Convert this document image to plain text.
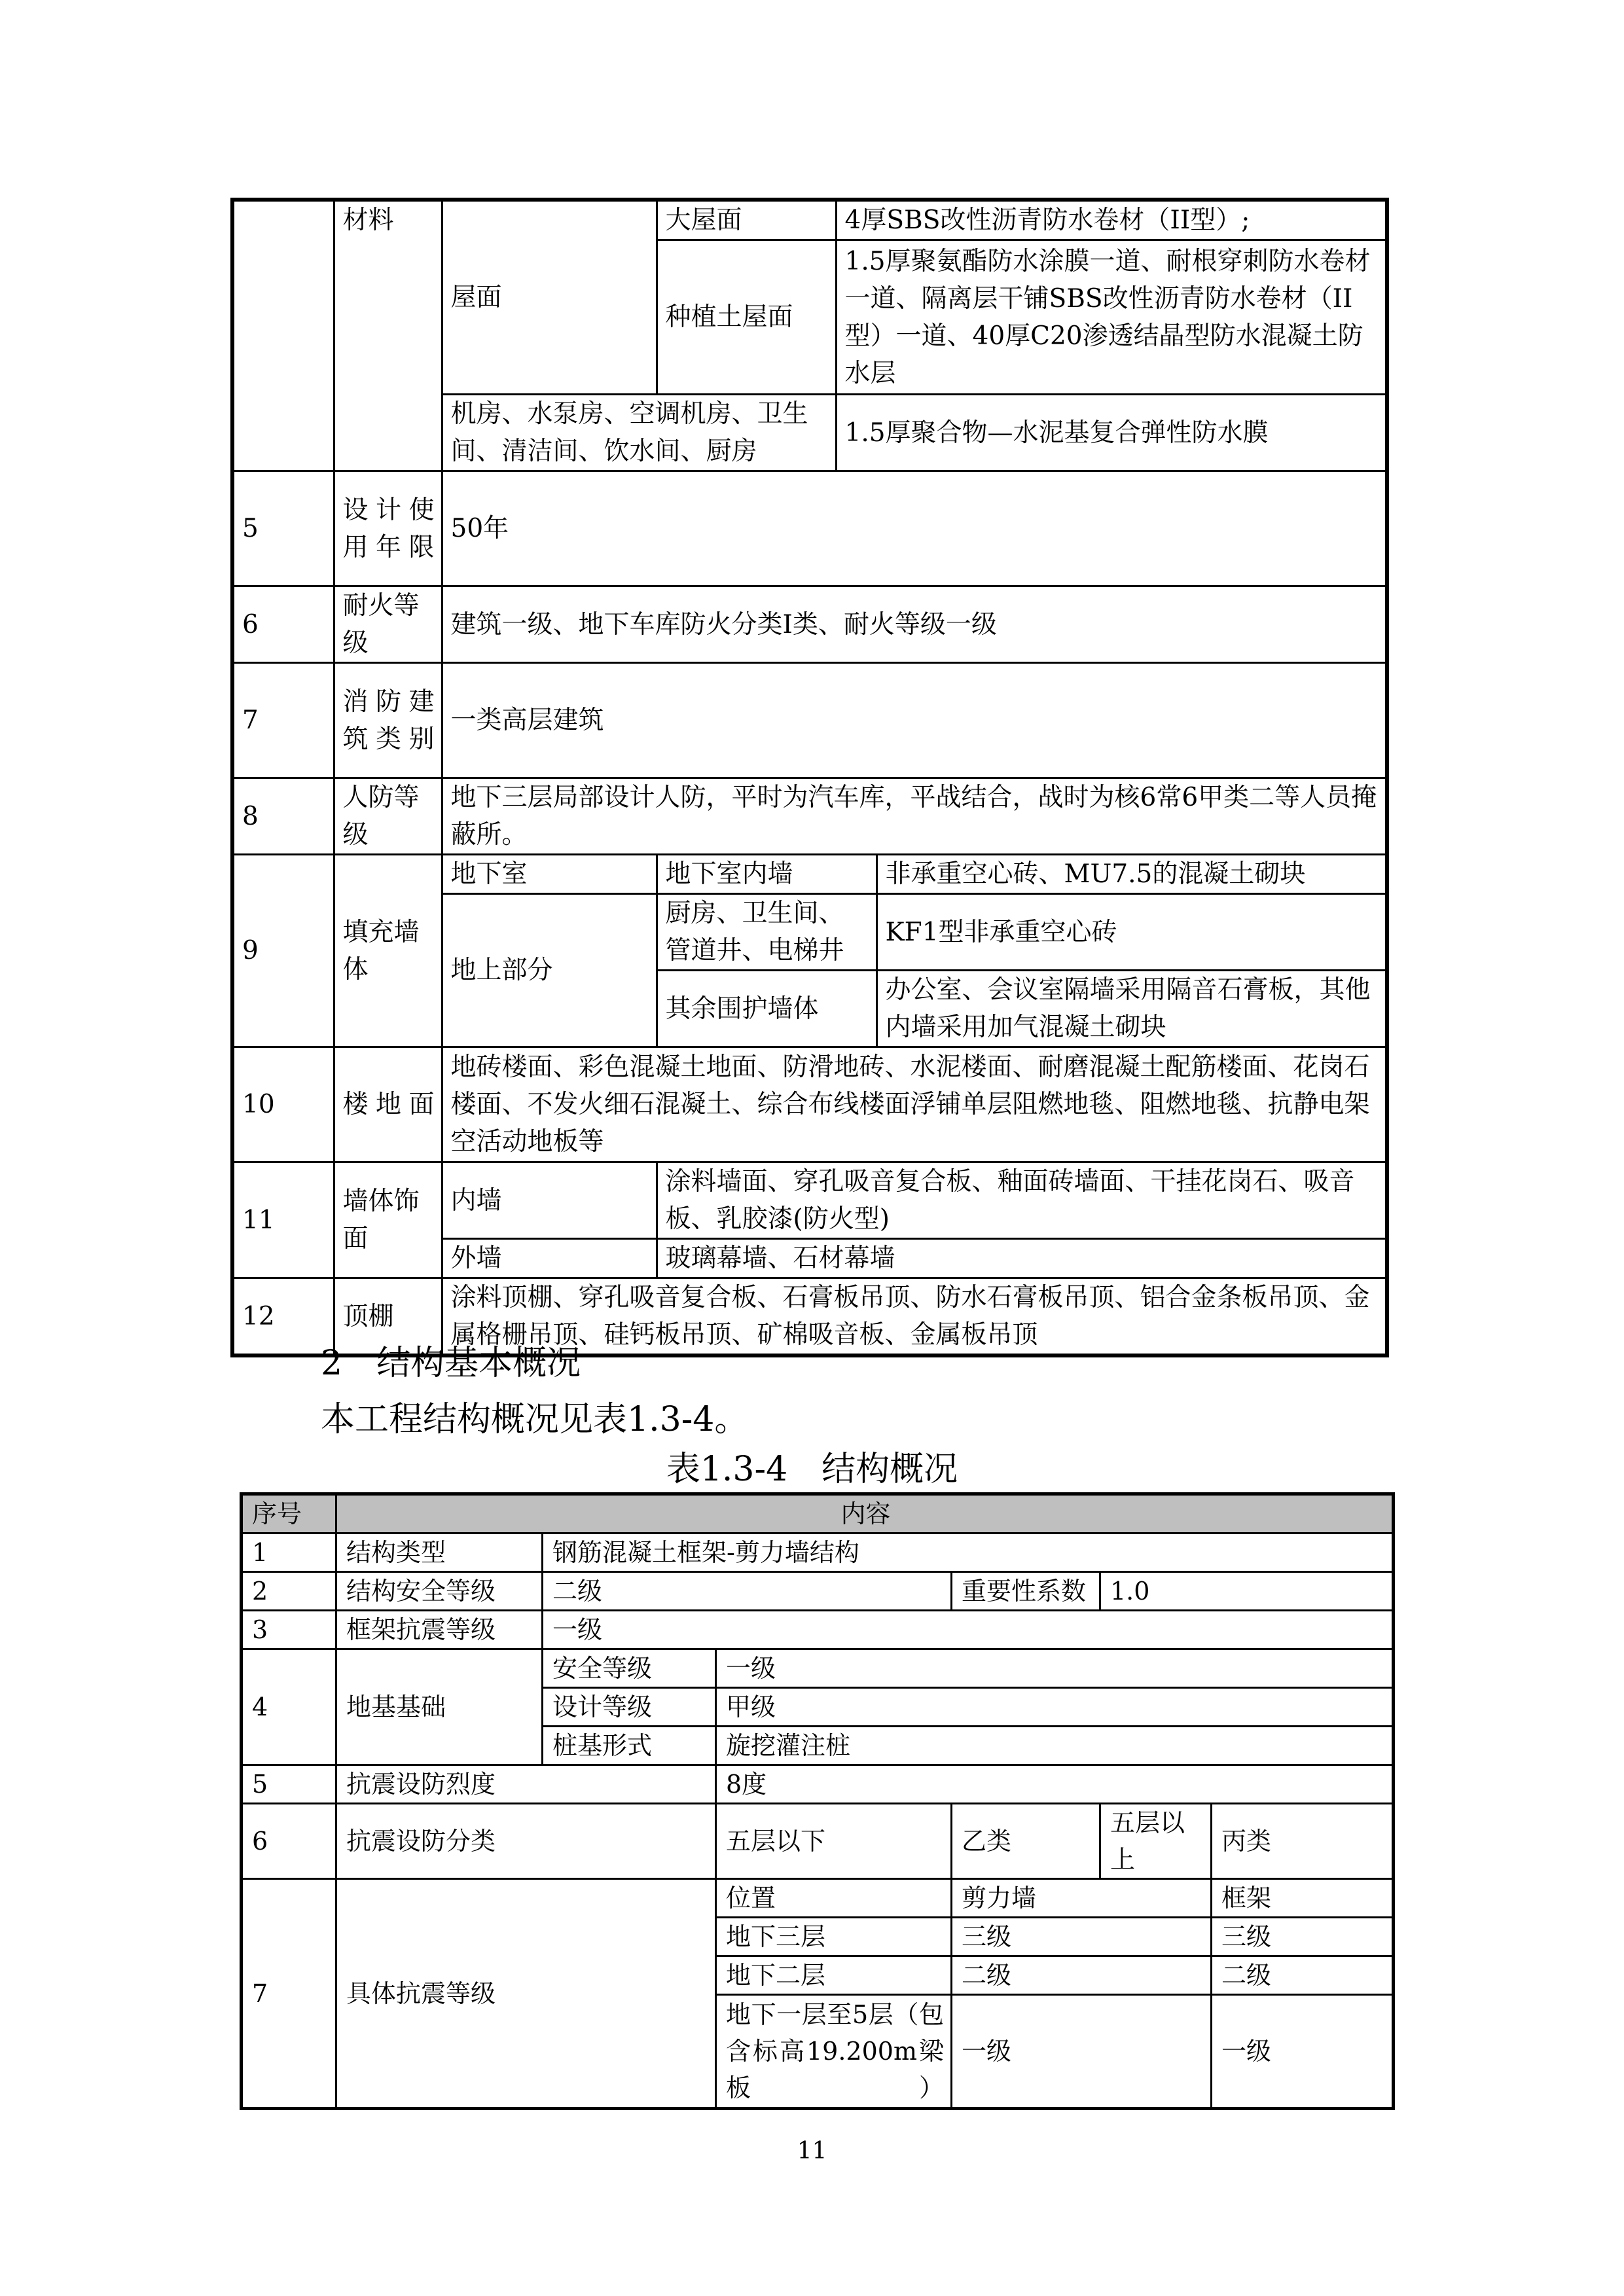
	材料	屋面	大屋面	4厚SBS改性沥青防水卷材（II型）;	
			种植土屋面	1.5厚聚氨酯防水涂膜一道、耐根穿刺防水卷材一道、隔离层干铺SBS改性沥青防水卷材（II型）一道、40厚C20渗透结晶型防水混凝土防水层	
		机房、水泵房、空调机房、卫生间、清洁间、饮水间、厨房		1.5厚聚合物—水泥基复合弹性防水膜	
5	设计使用年限	50年			
6	耐火等级	建筑一级、地下车库防火分类I类、耐火等级一级			
7	消防建筑类别	一类高层建筑			
8	人防等级	地下三层局部设计人防，平时为汽车库，平战结合，战时为核6常6甲类二等人员掩蔽所。			
9	填充墙体	地下室	地下室内墙		非承重空心砖、MU7.5的混凝土砌块
		地上部分	厨房、卫生间、管道井、电梯井		KF1型非承重空心砖
			其余围护墙体		办公室、会议室隔墙采用隔音石膏板，其他内墙采用加气混凝土砌块
10	楼地面	地砖楼面、彩色混凝土地面、防滑地砖、水泥楼面、耐磨混凝土配筋楼面、花岗石楼面、不发火细石混凝土、综合布线楼面浮铺单层阻燃地毯、阻燃地毯、抗静电架空活动地板等			
11	墙体饰面	内墙	涂料墙面、穿孔吸音复合板、釉面砖墙面、干挂花岗石、吸音板、乳胶漆(防火型)		
		外墙	玻璃幕墙、石材幕墙		
12	顶棚	涂料顶棚、穿孔吸音复合板、石膏板吊顶、防水石膏板吊顶、铝合金条板吊顶、金属格栅吊顶、硅钙板吊顶、矿棉吸音板、金属板吊顶			
2　结构基本概况
本工程结构概况见表1.3-4。
表1.3-4　结构概况
序号	内容					
1	结构类型	钢筋混凝土框架-剪力墙结构				
2	结构安全等级	二级		重要性系数	1.0	
3	框架抗震等级	一级				
4	地基基础	安全等级	一级			
		设计等级	甲级			
		桩基形式	旋挖灌注桩			
5	抗震设防烈度		8度			
6	抗震设防分类		五层以下	乙类	五层以上	丙类
7	具体抗震等级		位置	剪力墙		框架
			地下三层	三级		三级
			地下二层	二级		二级
			地下一层至5层（包含标高19.200m梁板）	一级		一级
11
